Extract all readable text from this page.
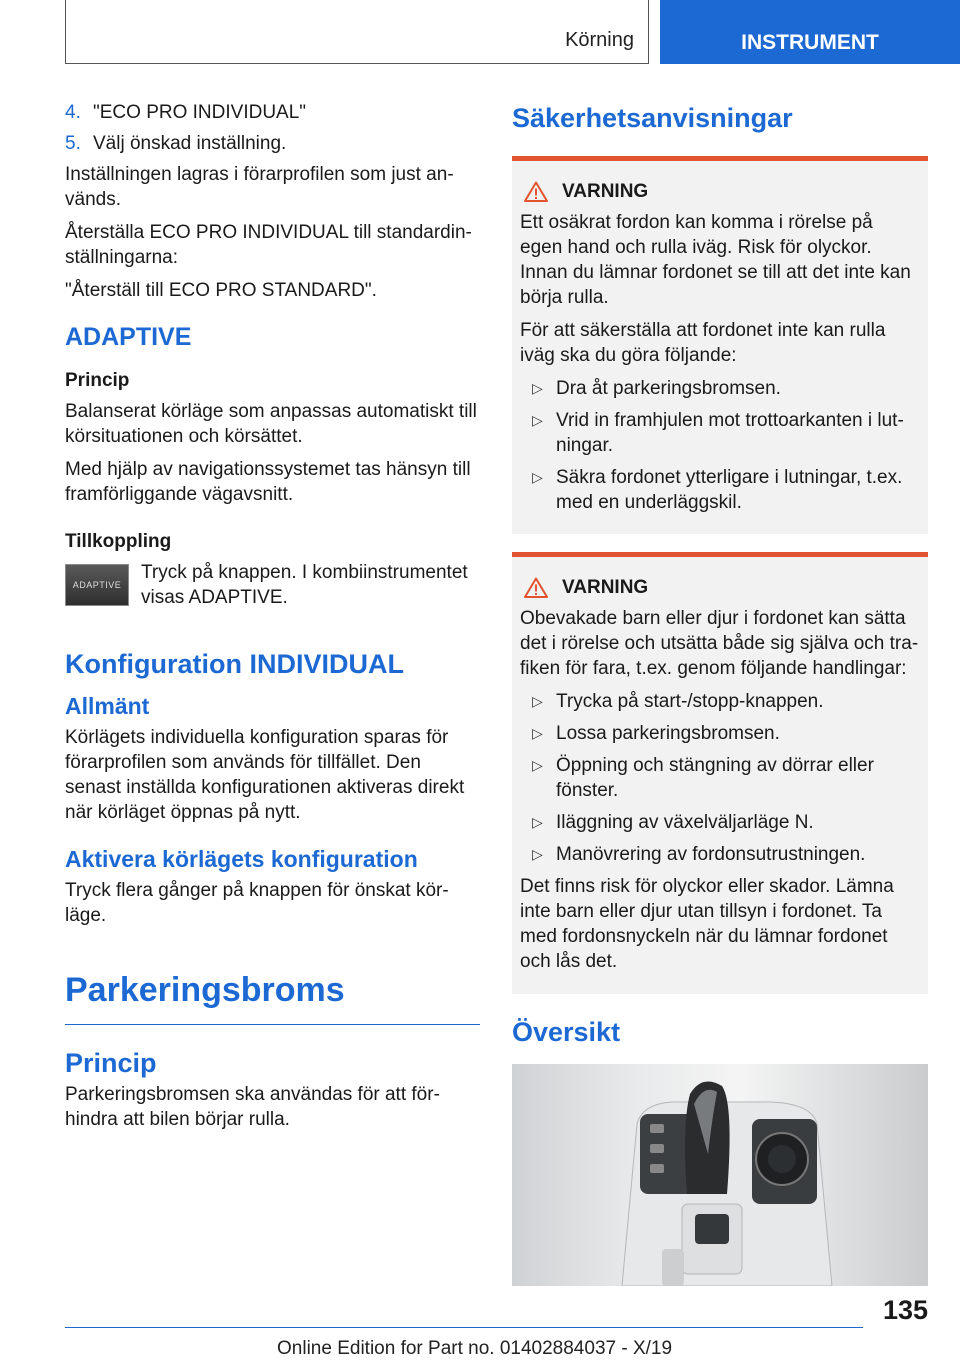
Körning	INSTRUMENT
4. "ECO PRO INDIVIDUAL"
5. Välj önskad inställning.

Inställningen lagras i förarprofilen som just används.

Återställa ECO PRO INDIVIDUAL till standardinställningarna:

"Återställ till ECO PRO STANDARD".

ADAPTIVE
Princip

Balanserat körläge som anpassas automatiskt till körsituationen och körsättet.

Med hjälp av navigationssystemet tas hänsyn till framförliggande vägavsnitt.

Tillkoppling
ADAPTIVE

Tryck på knappen. I kombiinstrumentet visas ADAPTIVE.

Konfiguration INDIVIDUAL
Allmänt

Körlägets individuella konfiguration sparas för förarprofilen som används för tillfället. Den senast inställda konfigurationen aktiveras direkt när körläget öppnas på nytt.

Aktivera körlägets konfiguration

Tryck flera gånger på knappen för önskat körläge.

Parkeringsbroms
Princip

Parkeringsbromsen ska användas för att förhindra att bilen börjar rulla.

Säkerhetsanvisningar
VARNING

Ett osäkrat fordon kan komma i rörelse på egen hand och rulla iväg. Risk för olyckor. Innan du lämnar fordonet se till att det inte kan börja rulla.

För att säkerställa att fordonet inte kan rulla iväg ska du göra följande:

▷ Dra åt parkeringsbromsen.
▷ Vrid in framhjulen mot trottoarkanten i lutningar.
▷ Säkra fordonet ytterligare i lutningar, t.ex. med en underläggskil.
VARNING

Obevakade barn eller djur i fordonet kan sätta det i rörelse och utsätta både sig själva och trafiken för fara, t.ex. genom följande handlingar:

▷ Trycka på start-/stopp-knappen.
▷ Lossa parkeringsbromsen.
▷ Öppning och stängning av dörrar eller fönster.
▷ Iläggning av växelväljarläge N.
▷ Manövrering av fordonsutrustningen.

Det finns risk för olyckor eller skador. Lämna inte barn eller djur utan tillsyn i fordonet. Ta med fordonsnyckeln när du lämnar fordonet och lås det.

Översikt
135
Online Edition for Part no. 01402884037 - X/19
